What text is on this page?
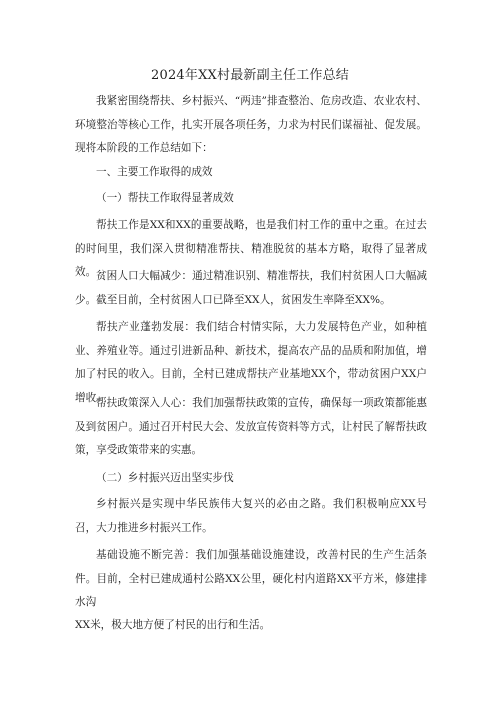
2024年XX村最新副主任工作总结

我紧密围绕帮扶、乡村振兴、“两违”排查整治、危房改造、农业农村、环境整治等核心工作，扎实开展各项任务，力求为村民们谋福祉、促发展。现将本阶段的工作总结如下：

一、主要工作取得的成效

（一）帮扶工作取得显著成效

帮扶工作是XX和XX的重要战略，也是我们村工作的重中之重。在过去的时间里，我们深入贯彻精准帮扶、精准脱贫的基本方略，取得了显著成效。 贫困人口大幅减少：通过精准识别、精准帮扶，我们村贫困人口大幅减少。截至目前，全村贫困人口已降至XX人，贫困发生率降至XX%。

帮扶产业蓬勃发展：我们结合村情实际，大力发展特色产业，如种植业、养殖业等。通过引进新品种、新技术，提高农产品的品质和附加值，增加了村民的收入。目前，全村已建成帮扶产业基地XX个，带动贫困户XX户增收。

帮扶政策深入人心：我们加强帮扶政策的宣传，确保每一项政策都能惠及到贫困户。通过召开村民大会、发放宣传资料等方式，让村民了解帮扶政策，享受政策带来的实惠。

（二）乡村振兴迈出坚实步伐

乡村振兴是实现中华民族伟大复兴的必由之路。我们积极响应XX号召，大力推进乡村振兴工作。

基础设施不断完善：我们加强基础设施建设，改善村民的生产生活条件。目前，全村已建成通村公路XX公里，硬化村内道路XX平方米，修建排水沟

XX米，极大地方便了村民的出行和生活。
